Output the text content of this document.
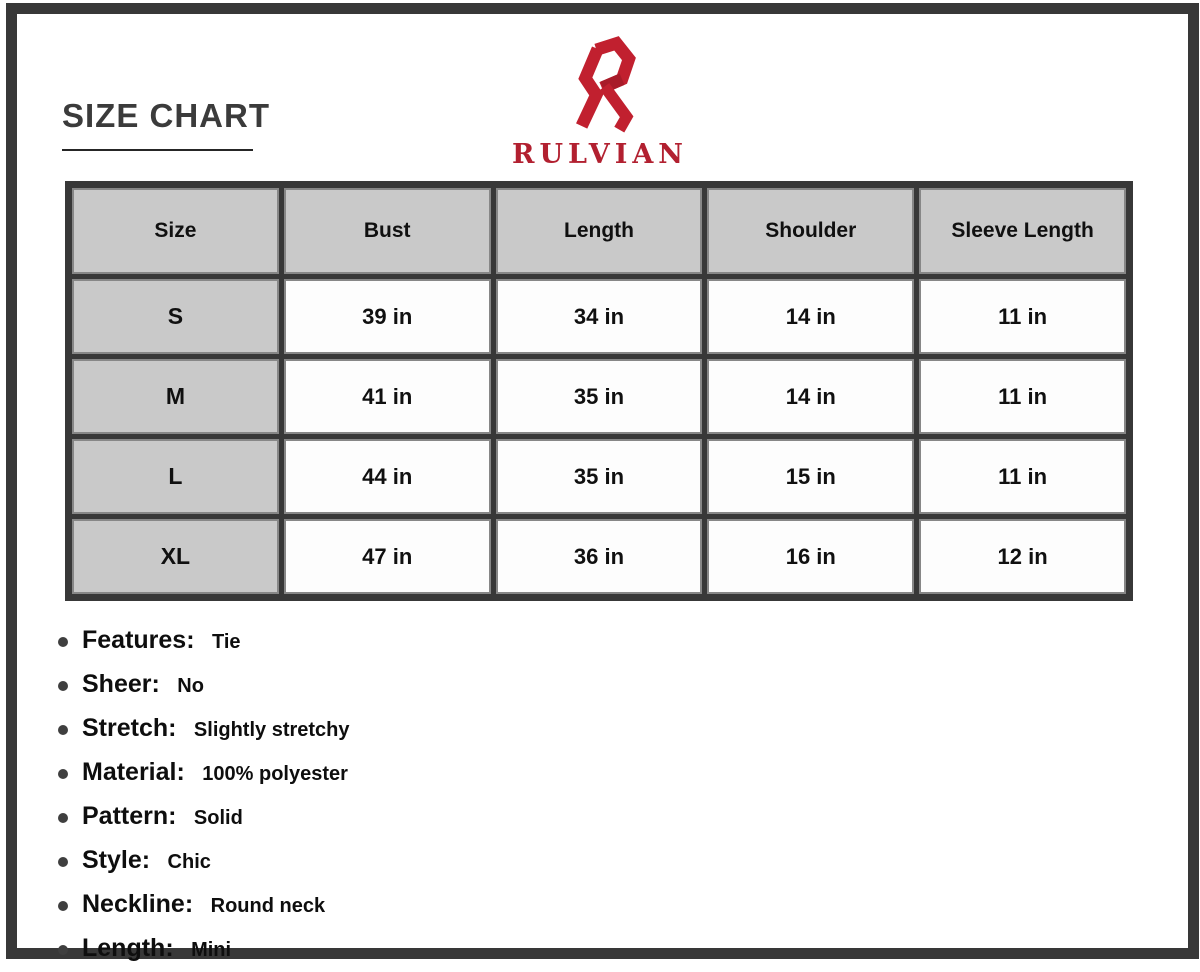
SIZE CHART
RULVIAN
Size	Bust	Length	Shoulder	Sleeve Length
S	39 in	34 in	14 in	11 in
M	41 in	35 in	14 in	11 in
L	44 in	35 in	15 in	11 in
XL	47 in	36 in	16 in	12 in
Features: Tie
Sheer: No
Stretch: Slightly stretchy
Material: 100% polyester
Pattern: Solid
Style: Chic
Neckline: Round neck
Length: Mini
